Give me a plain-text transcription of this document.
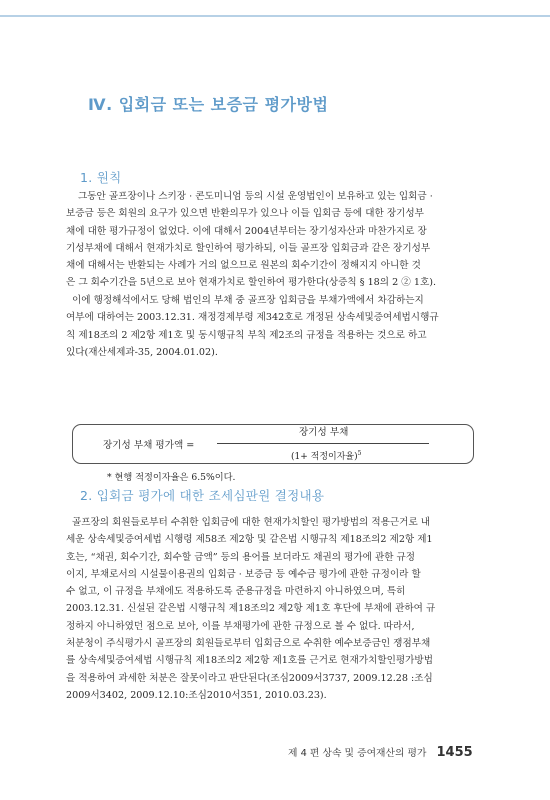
Ⅳ. 입회금 또는 보증금 평가방법
1. 원칙
그동안 골프장이나 스키장 · 콘도미니엄 등의 시설 운영법인이 보유하고 있는 입회금 ·
보증금 등은 회원의 요구가 있으면 반환의무가 있으나 이들 입회금 등에 대한 장기성부
채에 대한 평가규정이 없었다. 이에 대해서 2004년부터는 장기성자산과 마찬가지로 장
기성부채에 대해서 현재가치로 할인하여 평가하되, 이들 골프장 입회금과 같은 장기성부
채에 대해서는 반환되는 사례가 거의 없으므로 원본의 회수기간이 정해지지 아니한 것
은 그 회수기간을 5년으로 보아 현재가치로 할인하여 평가한다(상증칙 § 18의 2 ② 1호).
이에 행정해석에서도 당해 법인의 부채 중 골프장 입회금을 부채가액에서 차감하는지
여부에 대하여는 2003.12.31. 재정경제부령 제342호로 개정된 상속세및증여세법시행규
칙 제18조의 2 제2항 제1호 및 동시행규칙 부칙 제2조의 규정을 적용하는 것으로 하고
있다(재산세제과-35, 2004.01.02).
장기성 부채 평가액 =
장기성 부채
(1+ 적정이자율)$^5$
* 현행 적정이자율은 6.5%이다.
2. 입회금 평가에 대한 조세심판원 결정내용
골프장의 회원들로부터 수취한 입회금에 대한 현재가치할인 평가방법의 적용근거로 내
세운 상속세및증여세법 시행령 제58조 제2항 및 같은법 시행규칙 제18조의2 제2항 제1
호는, “채권, 회수기간, 회수할 금액” 등의 용어를 보더라도 채권의 평가에 관한 규정
이지, 부채로서의 시설물이용권의 입회금 · 보증금 등 예수금 평가에 관한 규정이라 할
수 없고, 이 규정을 부채에도 적용하도록 준용규정을 마련하지 아니하였으며, 특히
2003.12.31. 신설된 같은법 시행규칙 제18조의2 제2항 제1호 후단에 부채에 관하여 규
정하지 아니하였던 점으로 보아, 이를 부채평가에 관한 규정으로 볼 수 없다. 따라서,
처분청이 주식평가시 골프장의 회원들로부터 입회금으로 수취한 예수보증금인 쟁점부채
를 상속세및증여세법 시행규칙 제18조의2 제2항 제1호를 근거로 현재가치할인평가방법
을 적용하여 과세한 처분은 잘못이라고 판단된다(조심2009서3737, 2009.12.28 :조심
2009서3402, 2009.12.10:조심2010서351, 2010.03.23).
제 4 편 상속 및 증여재산의 평가 1455
